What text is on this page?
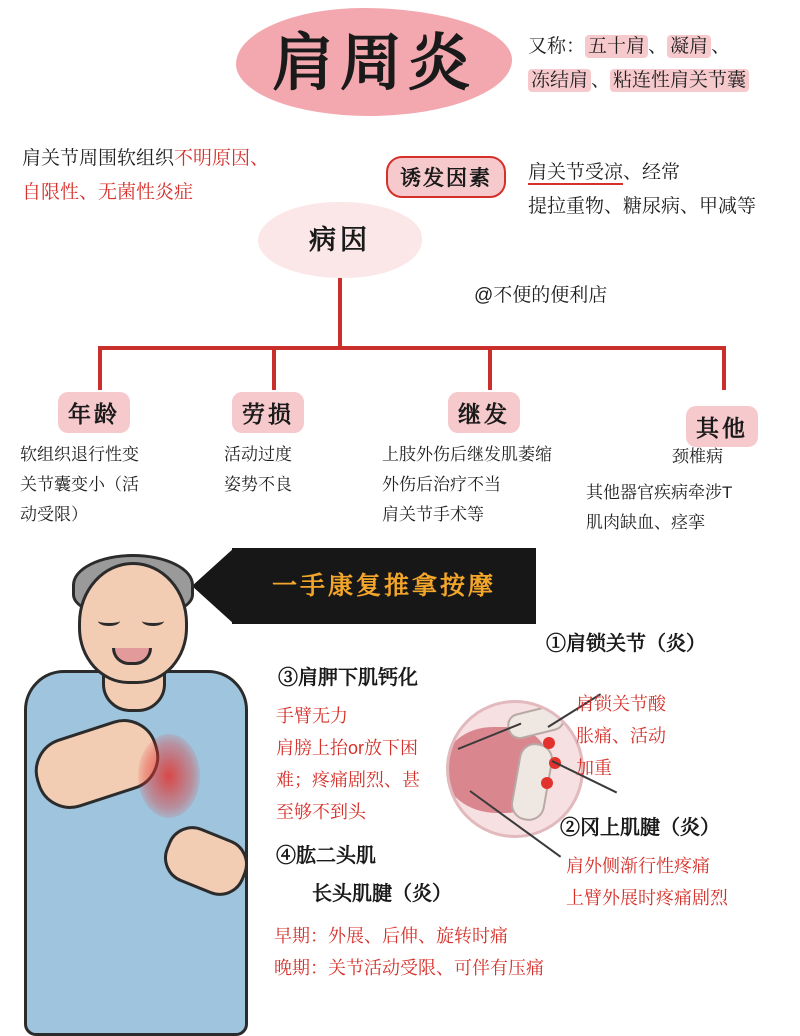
肩周炎	又称： 五十肩 、 凝肩 、
冻结肩 、 粘连性肩关节囊
肩关节周围软组织不明原因、
自限性、无菌性炎症
病因
诱发因素	肩关节受凉、经常
提拉重物、糖尿病、甲减等
@不便的便利店
年龄
软组织退行性变
关节囊变小（活
动受限）
劳损
活动过度
姿势不良
继发
上肢外伤后继发肌萎缩
外伤后治疗不当
肩关节手术等
其他
颈椎病
其他器官疾病牵涉T
肌肉缺血、痉挛
一手康复推拿按摩
①肩锁关节（炎）
肩锁关节酸
胀痛、活动
加重
②冈上肌腱（炎）
肩外侧渐行性疼痛
上臂外展时疼痛剧烈
③肩胛下肌钙化
手臂无力
肩膀上抬or放下困
难；疼痛剧烈、甚
至够不到头
④肱二头肌
长头肌腱（炎）
早期：外展、后伸、旋转时痛
晚期：关节活动受限、可伴有压痛
